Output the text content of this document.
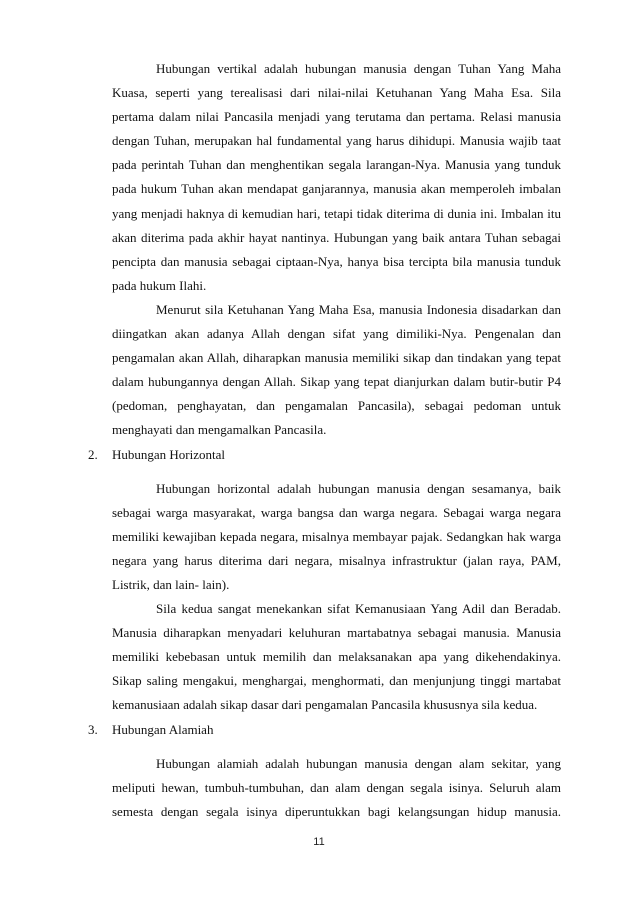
Hubungan vertikal adalah hubungan manusia dengan Tuhan Yang Maha
Kuasa, seperti yang terealisasi dari nilai-nilai Ketuhanan Yang Maha Esa. Sila
pertama dalam nilai Pancasila menjadi yang terutama dan pertama. Relasi manusia
dengan Tuhan, merupakan hal fundamental yang harus dihidupi. Manusia wajib taat
pada perintah Tuhan dan menghentikan segala larangan-Nya. Manusia yang tunduk
pada hukum Tuhan akan mendapat ganjarannya, manusia akan memperoleh imbalan
yang menjadi haknya di kemudian hari, tetapi tidak diterima di dunia ini. Imbalan itu
akan diterima pada akhir hayat nantinya. Hubungan yang baik antara Tuhan sebagai
pencipta dan manusia sebagai ciptaan-Nya, hanya bisa tercipta bila manusia tunduk
pada hukum Ilahi.
Menurut sila Ketuhanan Yang Maha Esa, manusia Indonesia disadarkan dan
diingatkan akan adanya Allah dengan sifat yang dimiliki-Nya. Pengenalan dan
pengamalan akan Allah, diharapkan manusia memiliki sikap dan tindakan yang tepat
dalam hubungannya dengan Allah. Sikap yang tepat dianjurkan dalam butir-butir P4
(pedoman, penghayatan, dan pengamalan Pancasila), sebagai pedoman untuk
menghayati dan mengamalkan Pancasila.
2. Hubungan Horizontal
Hubungan horizontal adalah hubungan manusia dengan sesamanya, baik
sebagai warga masyarakat, warga bangsa dan warga negara. Sebagai warga negara
memiliki kewajiban kepada negara, misalnya membayar pajak. Sedangkan hak warga
negara yang harus diterima dari negara, misalnya infrastruktur (jalan raya, PAM,
Listrik, dan lain- lain).
Sila kedua sangat menekankan sifat Kemanusiaan Yang Adil dan Beradab.
Manusia diharapkan menyadari keluhuran martabatnya sebagai manusia. Manusia
memiliki kebebasan untuk memilih dan melaksanakan apa yang dikehendakinya.
Sikap saling mengakui, menghargai, menghormati, dan menjunjung tinggi martabat
kemanusiaan adalah sikap dasar dari pengamalan Pancasila khususnya sila kedua.
3. Hubungan Alamiah
Hubungan alamiah adalah hubungan manusia dengan alam sekitar, yang
meliputi hewan, tumbuh-tumbuhan, dan alam dengan segala isinya. Seluruh alam
semesta dengan segala isinya diperuntukkan bagi kelangsungan hidup manusia.
11
